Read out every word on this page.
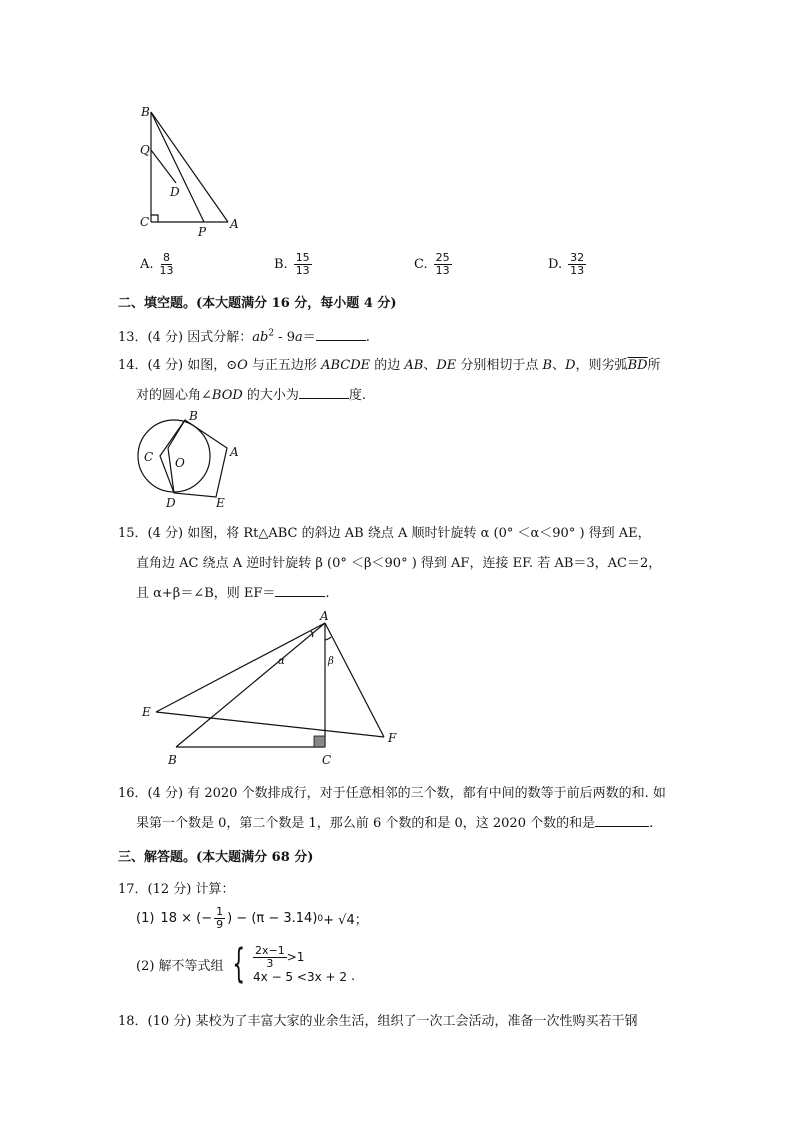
B
Q
D
C
P
A
A. $\frac{8}{13}$	B. $\frac{15}{13}$	C. $\frac{25}{13}$	D. $\frac{32}{13}$
二、填空题。(本大题满分 16 分，每小题 4 分)
13．(4 分) 因式分解：$ab^2 - 9a=$	.
14．(4 分) 如图，⊙O 与正五边形 ABCDE 的边 AB、DE 分别相切于点 B、D，则劣弧$\overline{BD}$所
对的圆心角∠BOD 的大小为	度.
B
C O
A
D	E
15．(4 分) 如图，将 Rt△ABC 的斜边 AB 绕点 A 顺时针旋转 α (0° ＜α＜90° ) 得到 AE，
直角边 AC 绕点 A 逆时针旋转 β (0° ＜β＜90° ) 得到 AF，连接 EF. 若 AB＝3，AC＝2，
且 α+β＝∠B，则 EF＝	.
A
E
B	C
F
α	β
16．(4 分) 有 2020 个数排成行，对于任意相邻的三个数，都有中间的数等于前后两数的和. 如
果第一个数是 0，第二个数是 1，那么前 6 个数的和是 0，这 2020 个数的和是	.
三、解答题。(本大题满分 68 分)
17．(12 分) 计算：
(1) 18 × (− $\frac{1}{9}$ ) − (π − 3.14) 0 + √4；
(2) 解不等式组 { $\frac{2x-1}{3} >1$
4x − 5 <3x + 2 .
18．(10 分) 某校为了丰富大家的业余生活，组织了一次工会活动，准备一次性购买若干钢
